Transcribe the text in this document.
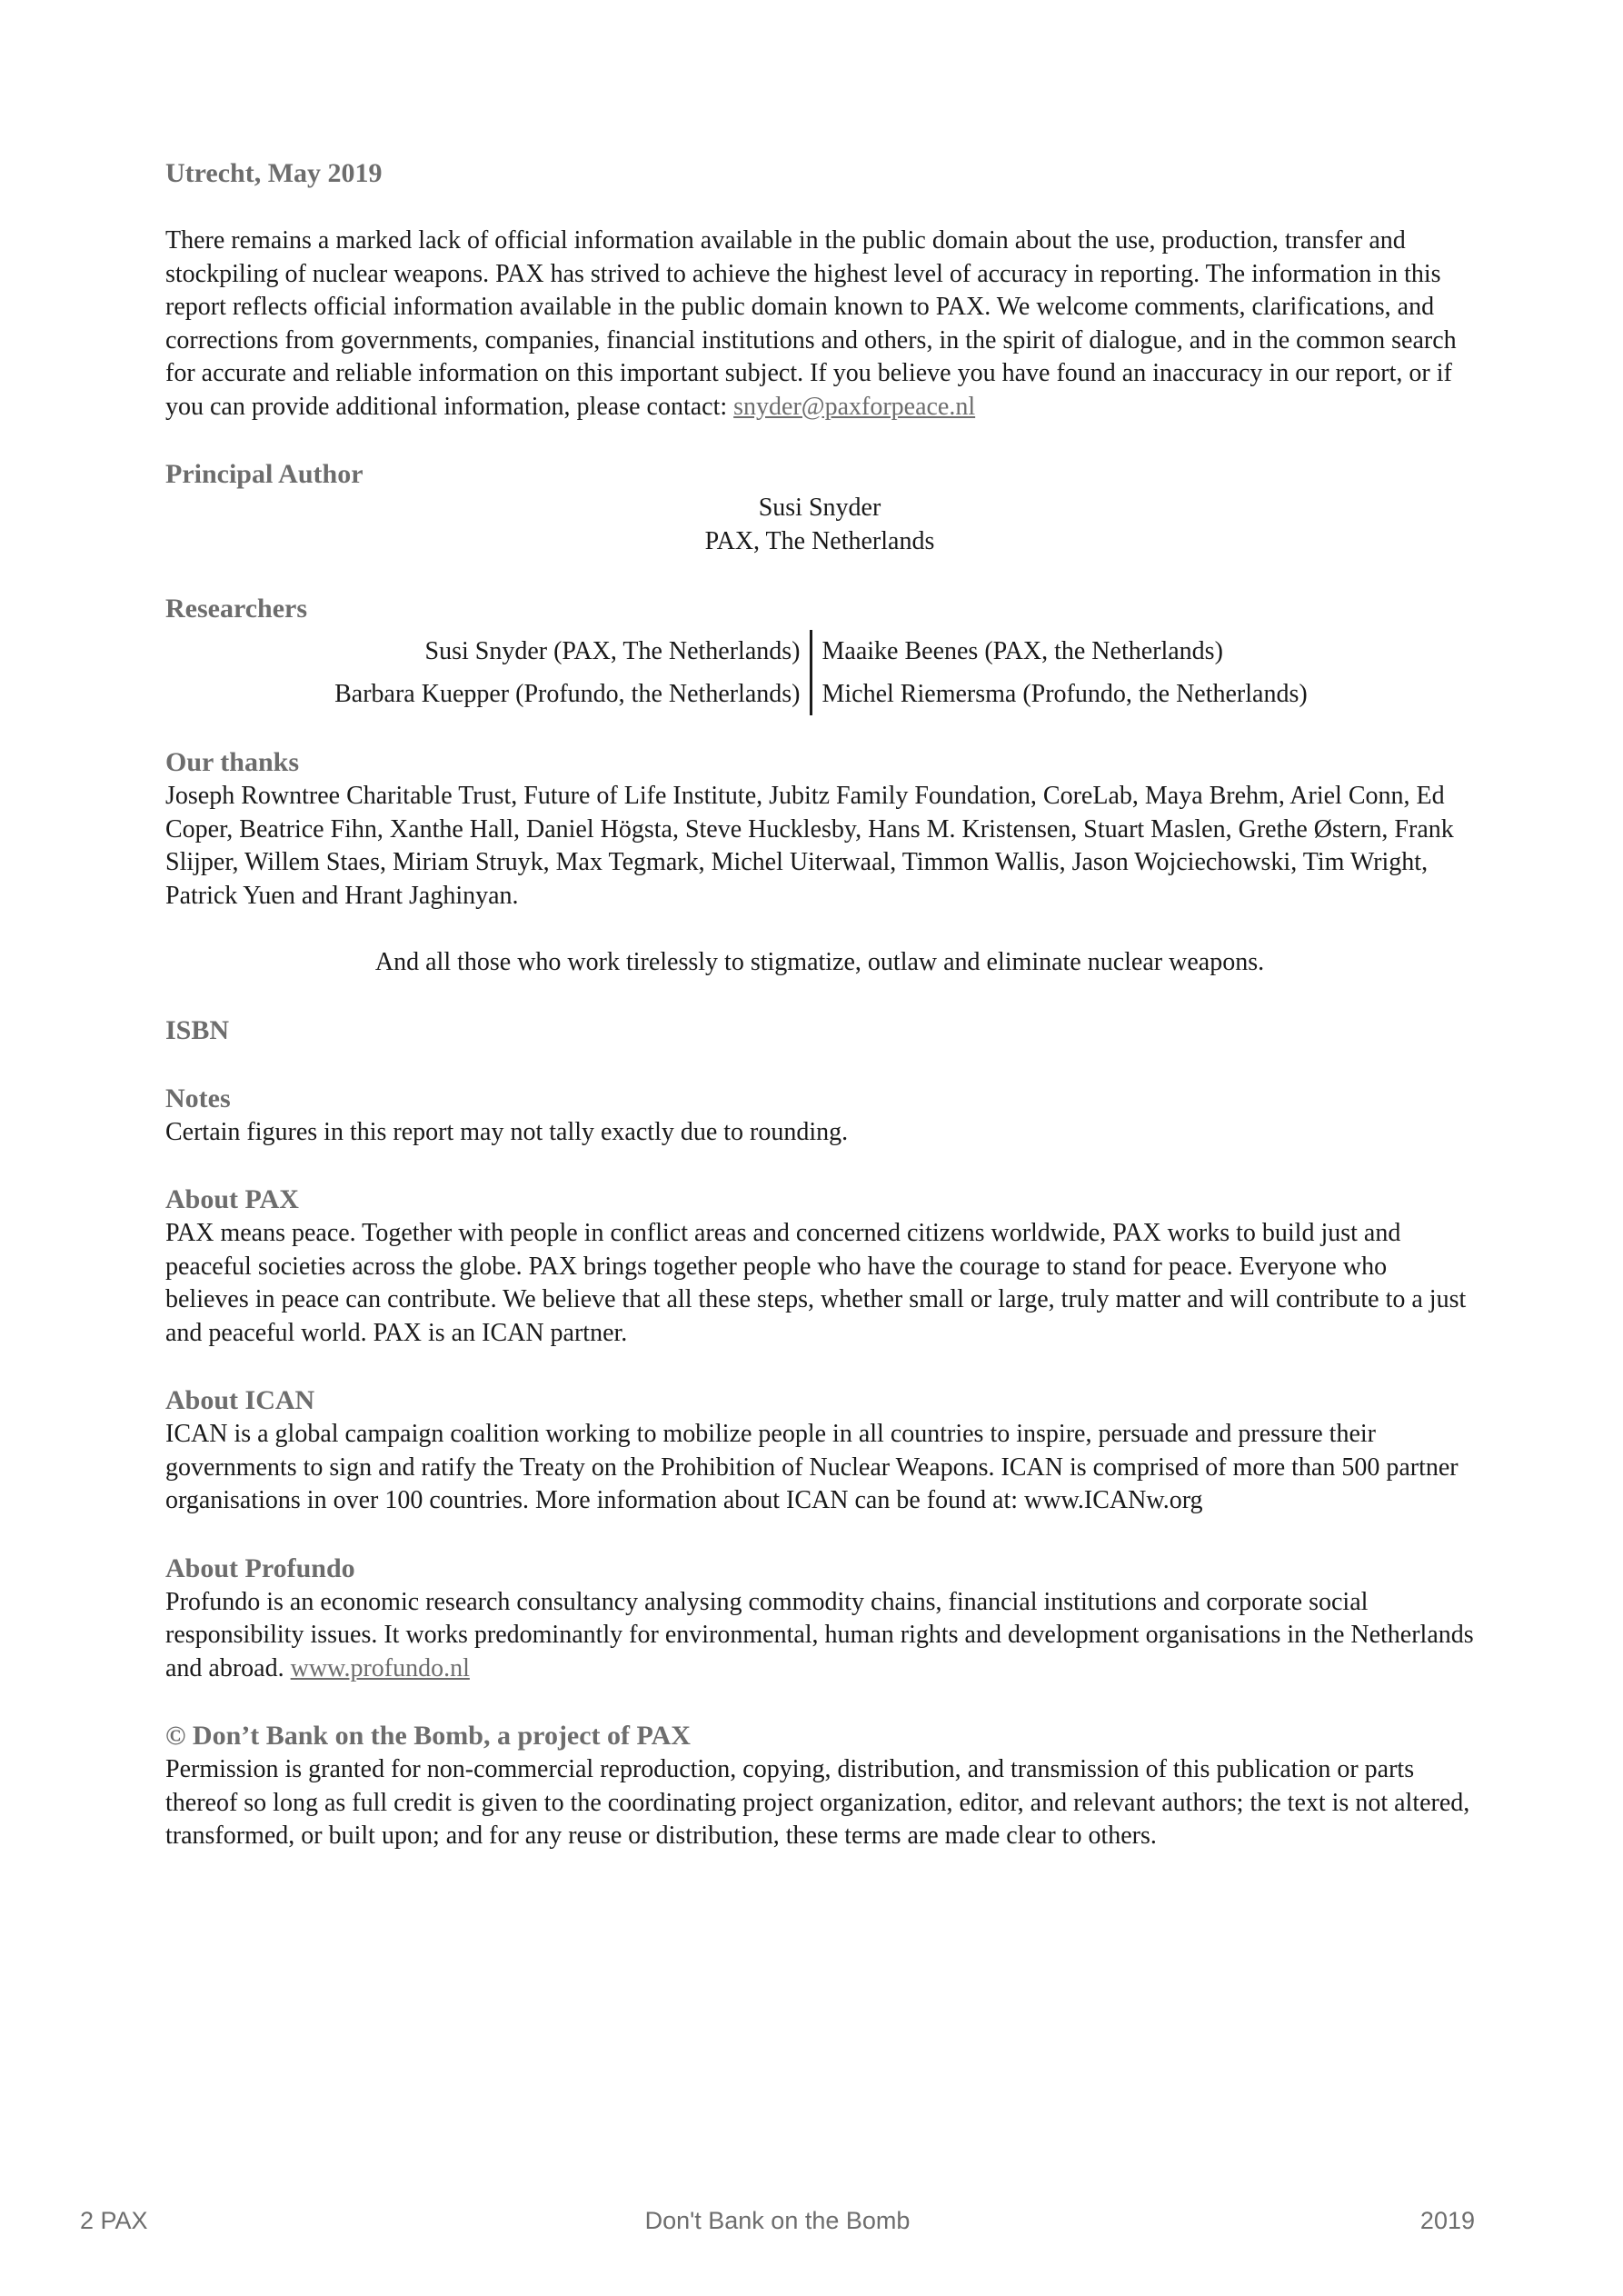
Utrecht, May 2019

There remains a marked lack of official information available in the public domain about the use, production, transfer and stockpiling of nuclear weapons. PAX has strived to achieve the highest level of accuracy in reporting. The information in this report reflects official information available in the public domain known to PAX. We welcome comments, clarifications, and corrections from governments, companies, financial institutions and others, in the spirit of dialogue, and in the common search for accurate and reliable information on this important subject. If you believe you have found an inaccuracy in our report, or if you can provide additional information, please contact: snyder@paxforpeace.nl

Principal Author

Susi Snyder

PAX, The Netherlands

Researchers

Susi Snyder (PAX, The Netherlands)
Barbara Kuepper (Profundo, the Netherlands)
Maaike Beenes (PAX, the Netherlands)
Michel Riemersma (Profundo, the Netherlands)

Our thanks

Joseph Rowntree Charitable Trust, Future of Life Institute, Jubitz Family Foundation, CoreLab, Maya Brehm, Ariel Conn, Ed Coper, Beatrice Fihn, Xanthe Hall, Daniel Högsta, Steve Hucklesby, Hans M. Kristensen, Stuart Maslen, Grethe Østern, Frank Slijper, Willem Staes, Miriam Struyk, Max Tegmark, Michel Uiterwaal, Timmon Wallis, Jason Wojciechowski, Tim Wright, Patrick Yuen and Hrant Jaghinyan.

And all those who work tirelessly to stigmatize, outlaw and eliminate nuclear weapons.

ISBN

Notes

Certain figures in this report may not tally exactly due to rounding.

About PAX

PAX means peace. Together with people in conflict areas and concerned citizens worldwide, PAX works to build just and peaceful societies across the globe. PAX brings together people who have the courage to stand for peace. Everyone who believes in peace can contribute. We believe that all these steps, whether small or large, truly matter and will contribute to a just and peaceful world. PAX is an ICAN partner.

About ICAN

ICAN is a global campaign coalition working to mobilize people in all countries to inspire, persuade and pressure their governments to sign and ratify the Treaty on the Prohibition of Nuclear Weapons. ICAN is comprised of more than 500 partner organisations in over 100 countries. More information about ICAN can be found at: www.ICANw.org

About Profundo

Profundo is an economic research consultancy analysing commodity chains, financial institutions and corporate social responsibility issues. It works predominantly for environmental, human rights and development organisations in the Netherlands and abroad. www.profundo.nl

© Don’t Bank on the Bomb, a project of PAX

Permission is granted for non-commercial reproduction, copying, distribution, and transmission of this publication or parts thereof so long as full credit is given to the coordinating project organization, editor, and relevant authors; the text is not altered, transformed, or built upon; and for any reuse or distribution, these terms are made clear to others.

2 PAX	Don't Bank on the Bomb	2019
